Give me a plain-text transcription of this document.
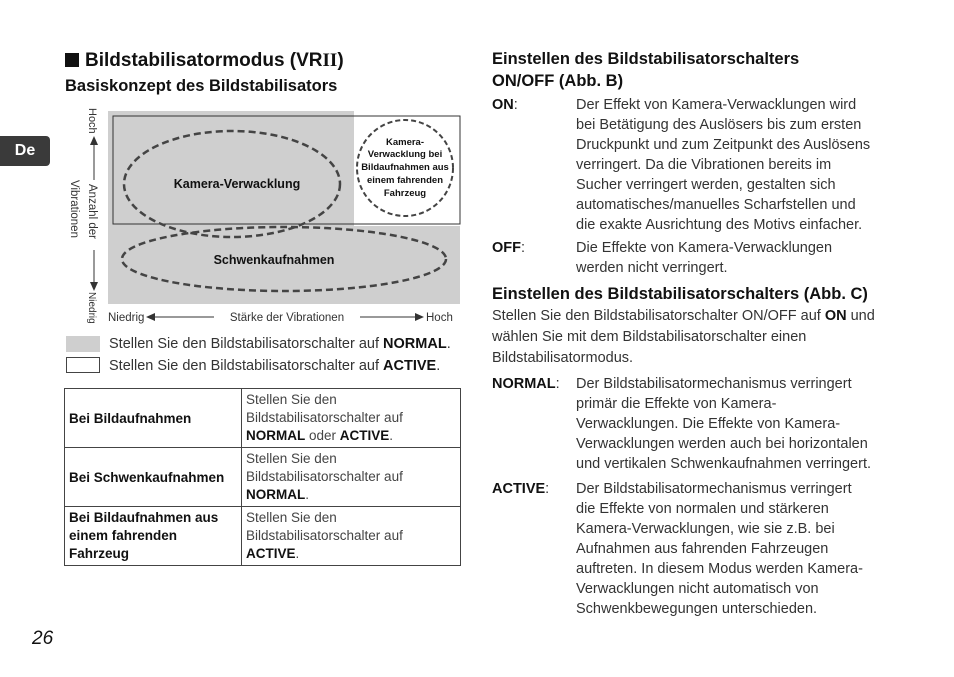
De
Bildstabilisatormodus (VRII)
Basiskonzept des Bildstabilisators
Kamera-Verwacklung
Schwenkaufnahmen
Kamera-
Verwacklung bei
Bildaufnahmen aus
einem fahrenden
Fahrzeug
Hoch
Anzahl der
Vibrationen
Niedrig Niedrig	Stärke der Vibrationen	Hoch
Stellen Sie den Bildstabilisatorschalter auf NORMAL.
Stellen Sie den Bildstabilisatorschalter auf ACTIVE.
Bei Bildaufnahmen	Stellen Sie den
Bildstabilisatorschalter auf
NORMAL oder ACTIVE.

Bei Schwenkaufnahmen	Stellen Sie den
Bildstabilisatorschalter auf
NORMAL.

Bei Bildaufnahmen aus einem fahrenden Fahrzeug	Stellen Sie den
Bildstabilisatorschalter auf
ACTIVE.
26
Einstellen des Bildstabilisatorschalters
ON/OFF (Abb. B)
ON:	Der Effekt von Kamera-Verwacklungen wird
bei Betätigung des Auslösers bis zum ersten
Druckpunkt und zum Zeitpunkt des Auslösens
verringert. Da die Vibrationen bereits im
Sucher verringert werden, gestalten sich
automatisches/manuelles Scharfstellen und
die exakte Ausrichtung des Motivs einfacher.
OFF:	Die Effekte von Kamera-Verwacklungen
werden nicht verringert.
Einstellen des Bildstabilisatorschalters (Abb. C)
Stellen Sie den Bildstabilisatorschalter ON/OFF auf ON und
wählen Sie mit dem Bildstabilisatorschalter einen
Bildstabilisatormodus.
NORMAL: Der Bildstabilisatormechanismus verringert
primär die Effekte von Kamera-
Verwacklungen. Die Effekte von Kamera-
Verwacklungen werden auch bei horizontalen
und vertikalen Schwenkaufnahmen verringert.
ACTIVE: Der Bildstabilisatormechanismus verringert
die Effekte von normalen und stärkeren
Kamera-Verwacklungen, wie sie z.B. bei
Aufnahmen aus fahrenden Fahrzeugen
auftreten. In diesem Modus werden Kamera-
Verwacklungen nicht automatisch von
Schwenkbewegungen unterschieden.
